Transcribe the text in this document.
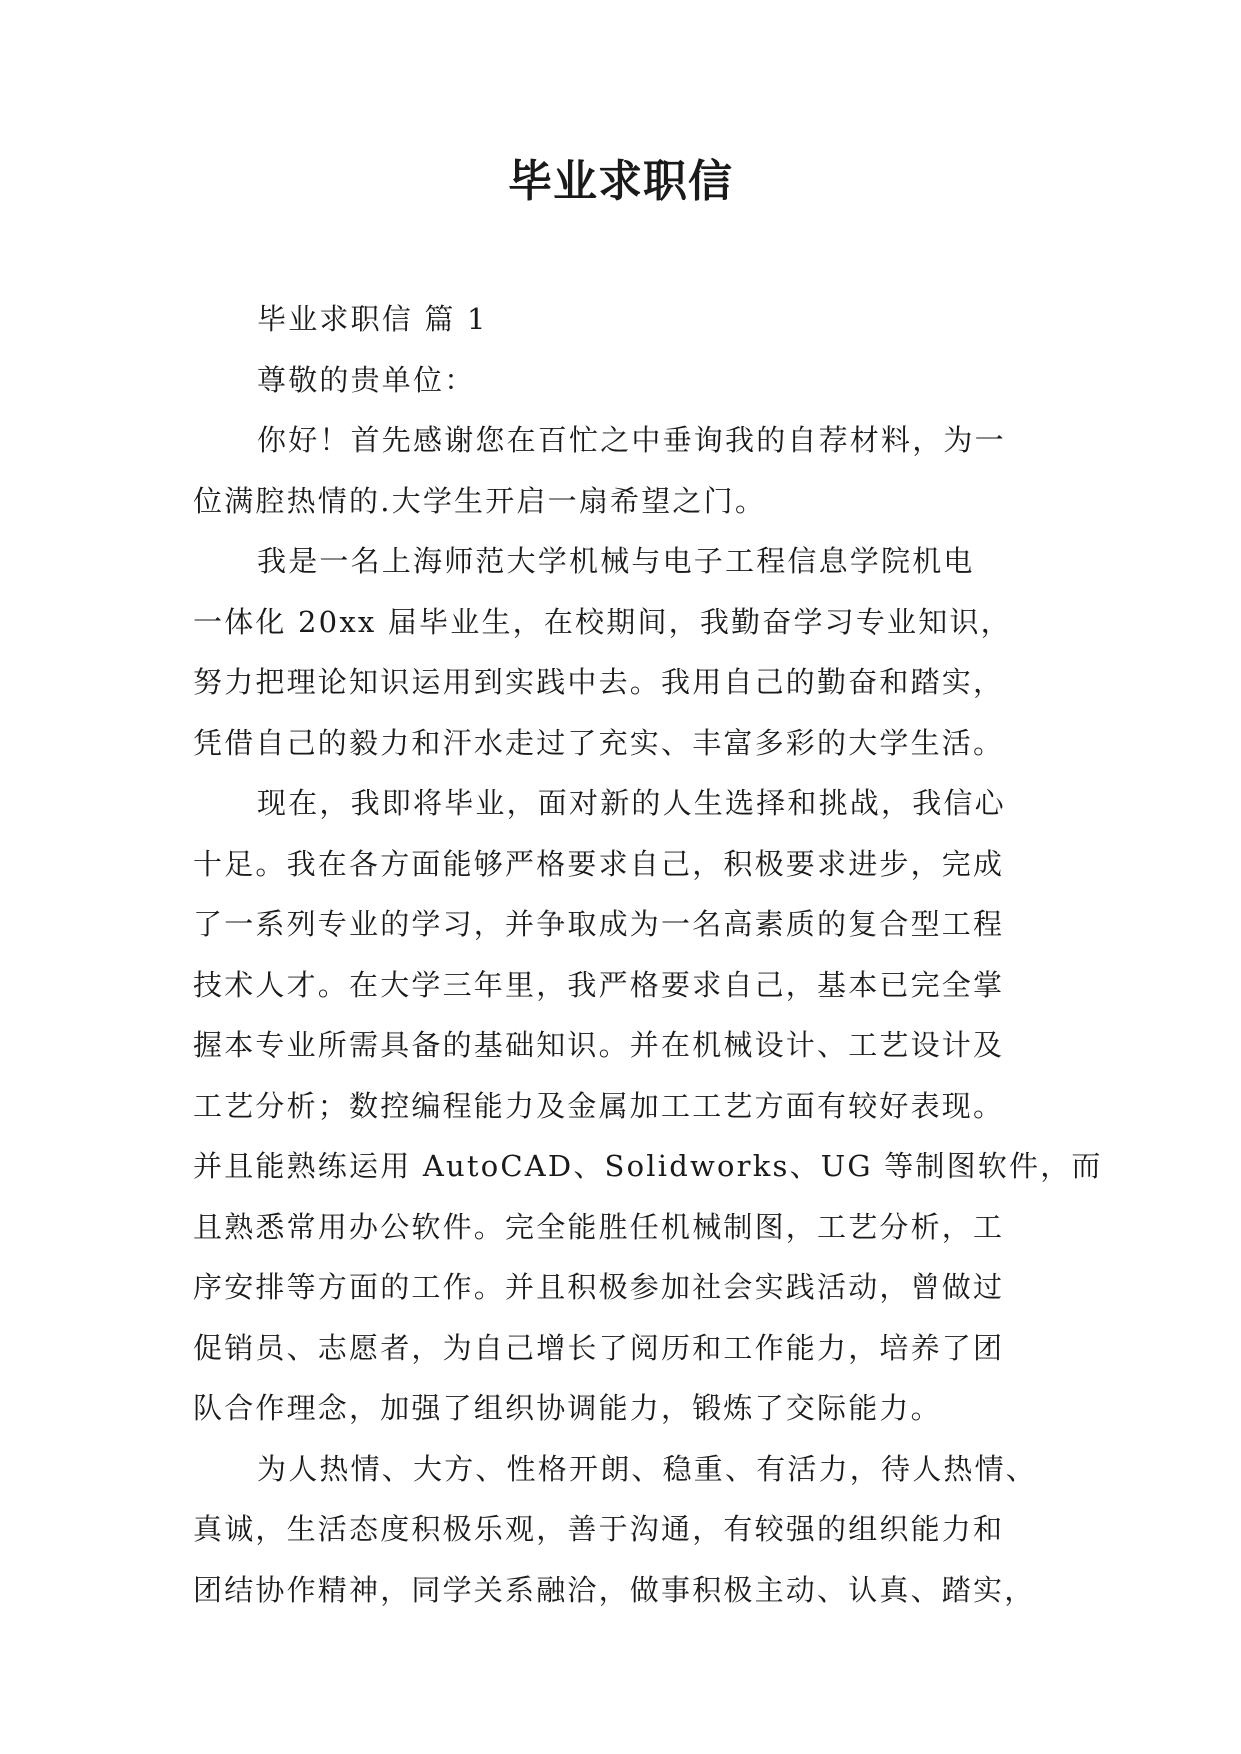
毕业求职信
毕业求职信 篇 1
尊敬的贵单位：
你好！首先感谢您在百忙之中垂询我的自荐材料，为一
位满腔热情的.大学生开启一扇希望之门。
我是一名上海师范大学机械与电子工程信息学院机电
一体化 20xx 届毕业生，在校期间，我勤奋学习专业知识，
努力把理论知识运用到实践中去。我用自己的勤奋和踏实，
凭借自己的毅力和汗水走过了充实、丰富多彩的大学生活。
现在，我即将毕业，面对新的人生选择和挑战，我信心
十足。我在各方面能够严格要求自己，积极要求进步，完成
了一系列专业的学习，并争取成为一名高素质的复合型工程
技术人才。在大学三年里，我严格要求自己，基本已完全掌
握本专业所需具备的基础知识。并在机械设计、工艺设计及
工艺分析；数控编程能力及金属加工工艺方面有较好表现。
并且能熟练运用 AutoCAD、Solidworks、UG 等制图软件，而
且熟悉常用办公软件。完全能胜任机械制图，工艺分析，工
序安排等方面的工作。并且积极参加社会实践活动，曾做过
促销员、志愿者，为自己增长了阅历和工作能力，培养了团
队合作理念，加强了组织协调能力，锻炼了交际能力。
为人热情、大方、性格开朗、稳重、有活力，待人热情、
真诚，生活态度积极乐观，善于沟通，有较强的组织能力和
团结协作精神，同学关系融洽，做事积极主动、认真、踏实，
